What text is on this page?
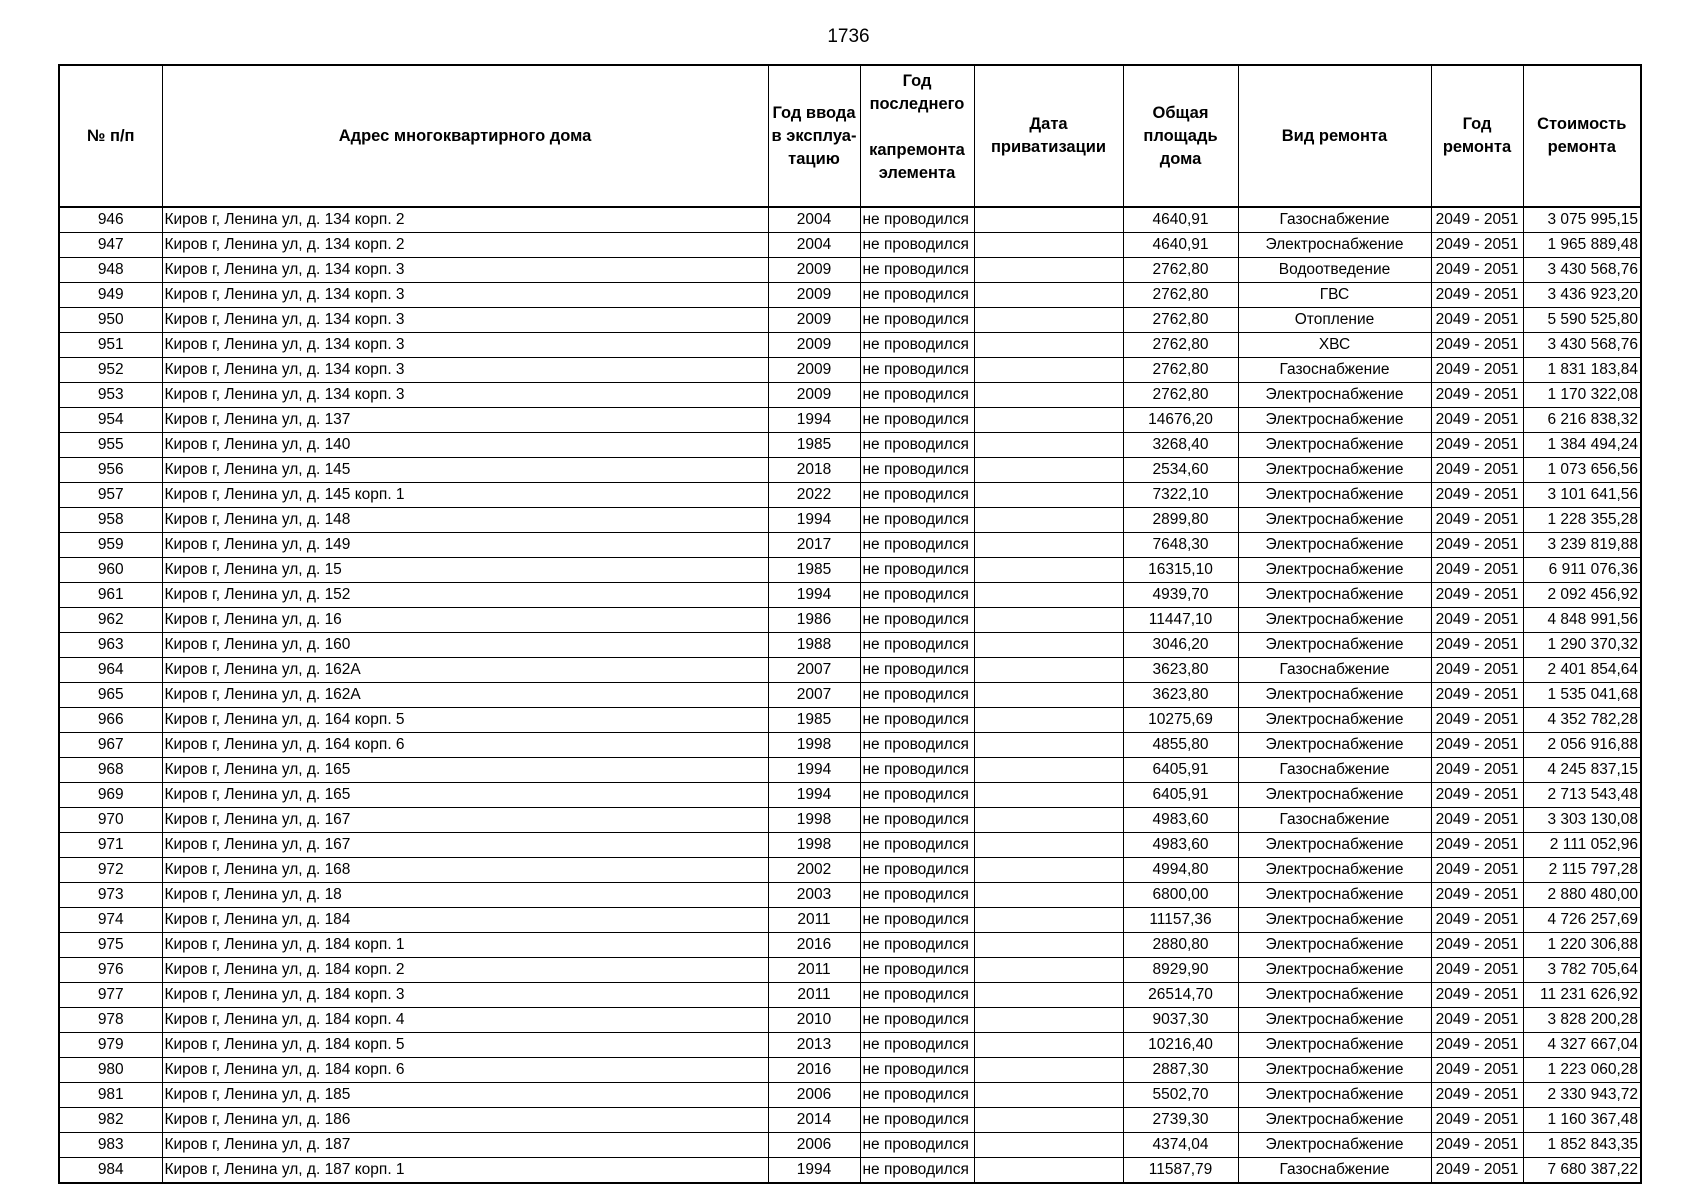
1736
№ п/п	Адрес многоквартирного дома	Год ввода в эксплуа-тацию	Год последнего
капремонта элемента	Дата приватизации	Общая площадь дома	Вид ремонта	Год ремонта	Стоимость ремонта
946	Киров г, Ленина ул, д. 134 корп. 2	2004	не проводился		4640,91	Газоснабжение	2049 - 2051	3 075 995,15
947	Киров г, Ленина ул, д. 134 корп. 2	2004	не проводился		4640,91	Электроснабжение	2049 - 2051	1 965 889,48
948	Киров г, Ленина ул, д. 134 корп. 3	2009	не проводился		2762,80	Водоотведение	2049 - 2051	3 430 568,76
949	Киров г, Ленина ул, д. 134 корп. 3	2009	не проводился		2762,80	ГВС	2049 - 2051	3 436 923,20
950	Киров г, Ленина ул, д. 134 корп. 3	2009	не проводился		2762,80	Отопление	2049 - 2051	5 590 525,80
951	Киров г, Ленина ул, д. 134 корп. 3	2009	не проводился		2762,80	ХВС	2049 - 2051	3 430 568,76
952	Киров г, Ленина ул, д. 134 корп. 3	2009	не проводился		2762,80	Газоснабжение	2049 - 2051	1 831 183,84
953	Киров г, Ленина ул, д. 134 корп. 3	2009	не проводился		2762,80	Электроснабжение	2049 - 2051	1 170 322,08
954	Киров г, Ленина ул, д. 137	1994	не проводился		14676,20	Электроснабжение	2049 - 2051	6 216 838,32
955	Киров г, Ленина ул, д. 140	1985	не проводился		3268,40	Электроснабжение	2049 - 2051	1 384 494,24
956	Киров г, Ленина ул, д. 145	2018	не проводился		2534,60	Электроснабжение	2049 - 2051	1 073 656,56
957	Киров г, Ленина ул, д. 145 корп. 1	2022	не проводился		7322,10	Электроснабжение	2049 - 2051	3 101 641,56
958	Киров г, Ленина ул, д. 148	1994	не проводился		2899,80	Электроснабжение	2049 - 2051	1 228 355,28
959	Киров г, Ленина ул, д. 149	2017	не проводился		7648,30	Электроснабжение	2049 - 2051	3 239 819,88
960	Киров г, Ленина ул, д. 15	1985	не проводился		16315,10	Электроснабжение	2049 - 2051	6 911 076,36
961	Киров г, Ленина ул, д. 152	1994	не проводился		4939,70	Электроснабжение	2049 - 2051	2 092 456,92
962	Киров г, Ленина ул, д. 16	1986	не проводился		11447,10	Электроснабжение	2049 - 2051	4 848 991,56
963	Киров г, Ленина ул, д. 160	1988	не проводился		3046,20	Электроснабжение	2049 - 2051	1 290 370,32
964	Киров г, Ленина ул, д. 162А	2007	не проводился		3623,80	Газоснабжение	2049 - 2051	2 401 854,64
965	Киров г, Ленина ул, д. 162А	2007	не проводился		3623,80	Электроснабжение	2049 - 2051	1 535 041,68
966	Киров г, Ленина ул, д. 164 корп. 5	1985	не проводился		10275,69	Электроснабжение	2049 - 2051	4 352 782,28
967	Киров г, Ленина ул, д. 164 корп. 6	1998	не проводился		4855,80	Электроснабжение	2049 - 2051	2 056 916,88
968	Киров г, Ленина ул, д. 165	1994	не проводился		6405,91	Газоснабжение	2049 - 2051	4 245 837,15
969	Киров г, Ленина ул, д. 165	1994	не проводился		6405,91	Электроснабжение	2049 - 2051	2 713 543,48
970	Киров г, Ленина ул, д. 167	1998	не проводился		4983,60	Газоснабжение	2049 - 2051	3 303 130,08
971	Киров г, Ленина ул, д. 167	1998	не проводился		4983,60	Электроснабжение	2049 - 2051	2 111 052,96
972	Киров г, Ленина ул, д. 168	2002	не проводился		4994,80	Электроснабжение	2049 - 2051	2 115 797,28
973	Киров г, Ленина ул, д. 18	2003	не проводился		6800,00	Электроснабжение	2049 - 2051	2 880 480,00
974	Киров г, Ленина ул, д. 184	2011	не проводился		11157,36	Электроснабжение	2049 - 2051	4 726 257,69
975	Киров г, Ленина ул, д. 184 корп. 1	2016	не проводился		2880,80	Электроснабжение	2049 - 2051	1 220 306,88
976	Киров г, Ленина ул, д. 184 корп. 2	2011	не проводился		8929,90	Электроснабжение	2049 - 2051	3 782 705,64
977	Киров г, Ленина ул, д. 184 корп. 3	2011	не проводился		26514,70	Электроснабжение	2049 - 2051	11 231 626,92
978	Киров г, Ленина ул, д. 184 корп. 4	2010	не проводился		9037,30	Электроснабжение	2049 - 2051	3 828 200,28
979	Киров г, Ленина ул, д. 184 корп. 5	2013	не проводился		10216,40	Электроснабжение	2049 - 2051	4 327 667,04
980	Киров г, Ленина ул, д. 184 корп. 6	2016	не проводился		2887,30	Электроснабжение	2049 - 2051	1 223 060,28
981	Киров г, Ленина ул, д. 185	2006	не проводился		5502,70	Электроснабжение	2049 - 2051	2 330 943,72
982	Киров г, Ленина ул, д. 186	2014	не проводился		2739,30	Электроснабжение	2049 - 2051	1 160 367,48
983	Киров г, Ленина ул, д. 187	2006	не проводился		4374,04	Электроснабжение	2049 - 2051	1 852 843,35
984	Киров г, Ленина ул, д. 187 корп. 1	1994	не проводился		11587,79	Газоснабжение	2049 - 2051	7 680 387,22
